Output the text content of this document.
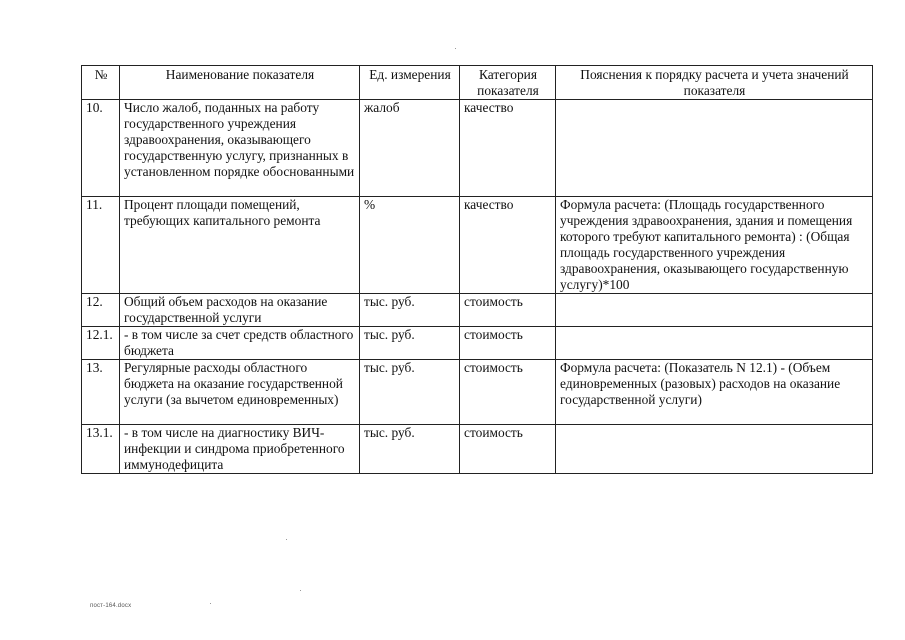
№	Наименование показателя	Ед. измерения	Категория показателя	Пояснения к порядку расчета и учета значений показателя
10.	Число жалоб, поданных на работу государственного учреждения здравоохранения, оказывающего государственную услугу, признанных в установленном порядке обоснованными	жалоб	качество	
11.	Процент площади помещений, требующих капитального ремонта	%	качество	Формула расчета: (Площадь государственного учреждения здравоохранения, здания и помещения которого требуют капитального ремонта) : (Общая площадь государственного учреждения здравоохранения, оказывающего государственную услугу)*100
12.	Общий объем расходов на оказание государственной услуги	тыс. руб.	стоимость	
12.1.	- в том числе за счет средств областного бюджета	тыс. руб.	стоимость	
13.	Регулярные расходы областного бюджета на оказание государственной услуги (за вычетом единовременных)	тыс. руб.	стоимость	Формула расчета: (Показатель N 12.1) - (Объем единовременных (разовых) расходов на оказание государственной услуги)
13.1.	- в том числе на диагностику ВИЧ-инфекции и синдрома приобретенного иммунодефицита	тыс. руб.	стоимость	
пост-164.docx
